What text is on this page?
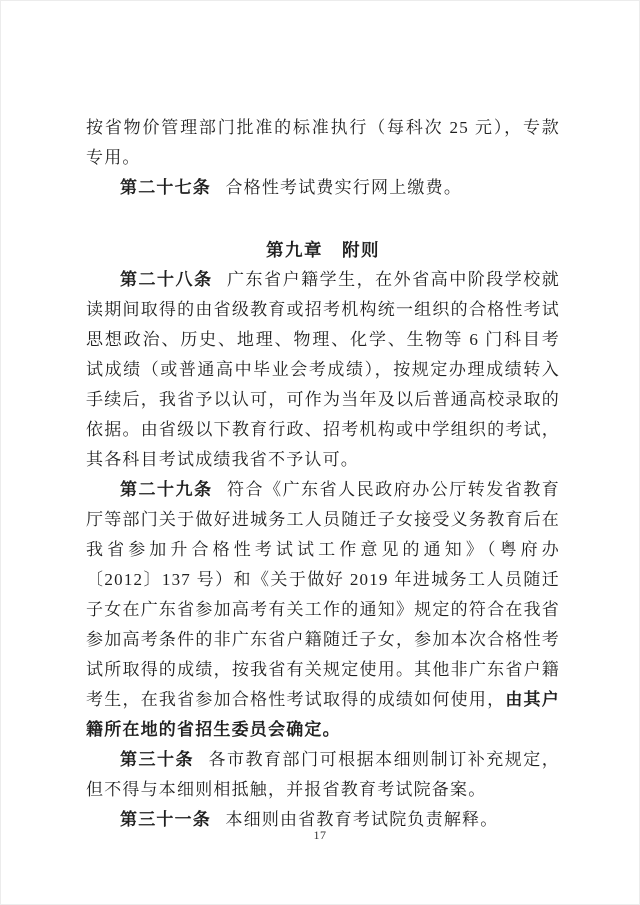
按省物价管理部门批准的标准执行（每科次 25 元），专款专用。

第二十七条 合格性考试费实行网上缴费。

第九章　附则

第二十八条 广东省户籍学生，在外省高中阶段学校就读期间取得的由省级教育或招考机构统一组织的合格性考试思想政治、历史、地理、物理、化学、生物等 6 门科目考试成绩（或普通高中毕业会考成绩），按规定办理成绩转入手续后，我省予以认可，可作为当年及以后普通高校录取的依据。由省级以下教育行政、招考机构或中学组织的考试，其各科目考试成绩我省不予认可。

第二十九条 符合《广东省人民政府办公厅转发省教育厅等部门关于做好进城务工人员随迁子女接受义务教育后在我省参加升合格性考试试工作意见的通知》（粤府办〔2012〕137 号）和《关于做好 2019 年进城务工人员随迁子女在广东省参加高考有关工作的通知》规定的符合在我省参加高考条件的非广东省户籍随迁子女，参加本次合格性考试所取得的成绩，按我省有关规定使用。其他非广东省户籍考生，在我省参加合格性考试取得的成绩如何使用，由其户籍所在地的省招生委员会确定。

第三十条 各市教育部门可根据本细则制订补充规定，但不得与本细则相抵触，并报省教育考试院备案。

第三十一条 本细则由省教育考试院负责解释。

17
